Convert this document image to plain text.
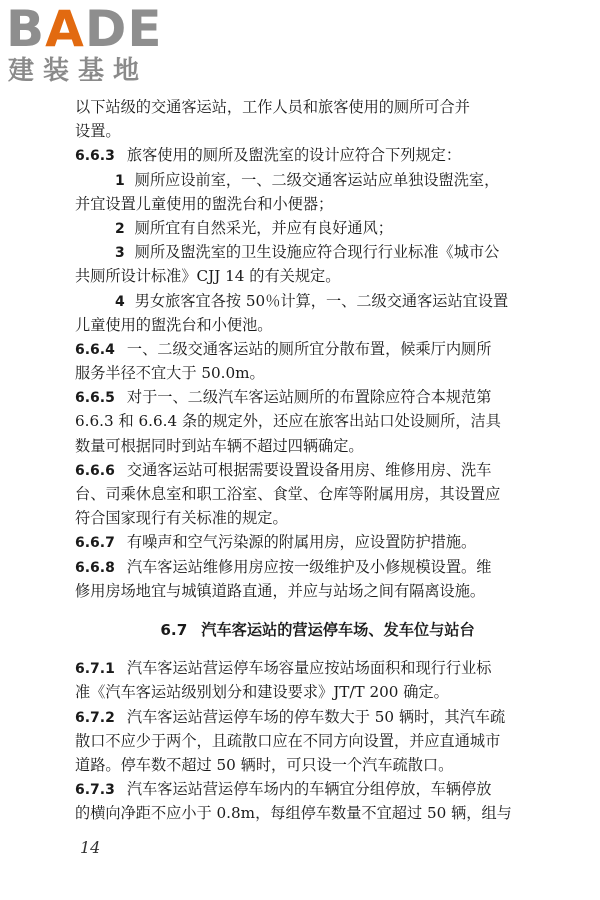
BADE
建装基地
以下站级的交通客运站，工作人员和旅客使用的厕所可合并
设置。
6.6.3 旅客使用的厕所及盥洗室的设计应符合下列规定：
1 厕所应设前室，一、二级交通客运站应单独设盥洗室，
并宜设置儿童使用的盥洗台和小便器；
2 厕所宜有自然采光，并应有良好通风；
3 厕所及盥洗室的卫生设施应符合现行行业标准《城市公
共厕所设计标准》CJJ 14 的有关规定。
4 男女旅客宜各按 50％计算，一、二级交通客运站宜设置
儿童使用的盥洗台和小便池。
6.6.4 一、二级交通客运站的厕所宜分散布置，候乘厅内厕所
服务半径不宜大于 50.0m。
6.6.5 对于一、二级汽车客运站厕所的布置除应符合本规范第
6.6.3 和 6.6.4 条的规定外，还应在旅客出站口处设厕所，洁具
数量可根据同时到站车辆不超过四辆确定。
6.6.6 交通客运站可根据需要设置设备用房、维修用房、洗车
台、司乘休息室和职工浴室、食堂、仓库等附属用房，其设置应
符合国家现行有关标准的规定。
6.6.7 有噪声和空气污染源的附属用房，应设置防护措施。
6.6.8 汽车客运站维修用房应按一级维护及小修规模设置。维
修用房场地宜与城镇道路直通，并应与站场之间有隔离设施。
6.7 汽车客运站的营运停车场、发车位与站台
6.7.1 汽车客运站营运停车场容量应按站场面积和现行行业标
准《汽车客运站级别划分和建设要求》JT/T 200 确定。
6.7.2 汽车客运站营运停车场的停车数大于 50 辆时，其汽车疏
散口不应少于两个，且疏散口应在不同方向设置，并应直通城市
道路。停车数不超过 50 辆时，可只设一个汽车疏散口。
6.7.3 汽车客运站营运停车场内的车辆宜分组停放，车辆停放
的横向净距不应小于 0.8m，每组停车数量不宜超过 50 辆，组与
14
